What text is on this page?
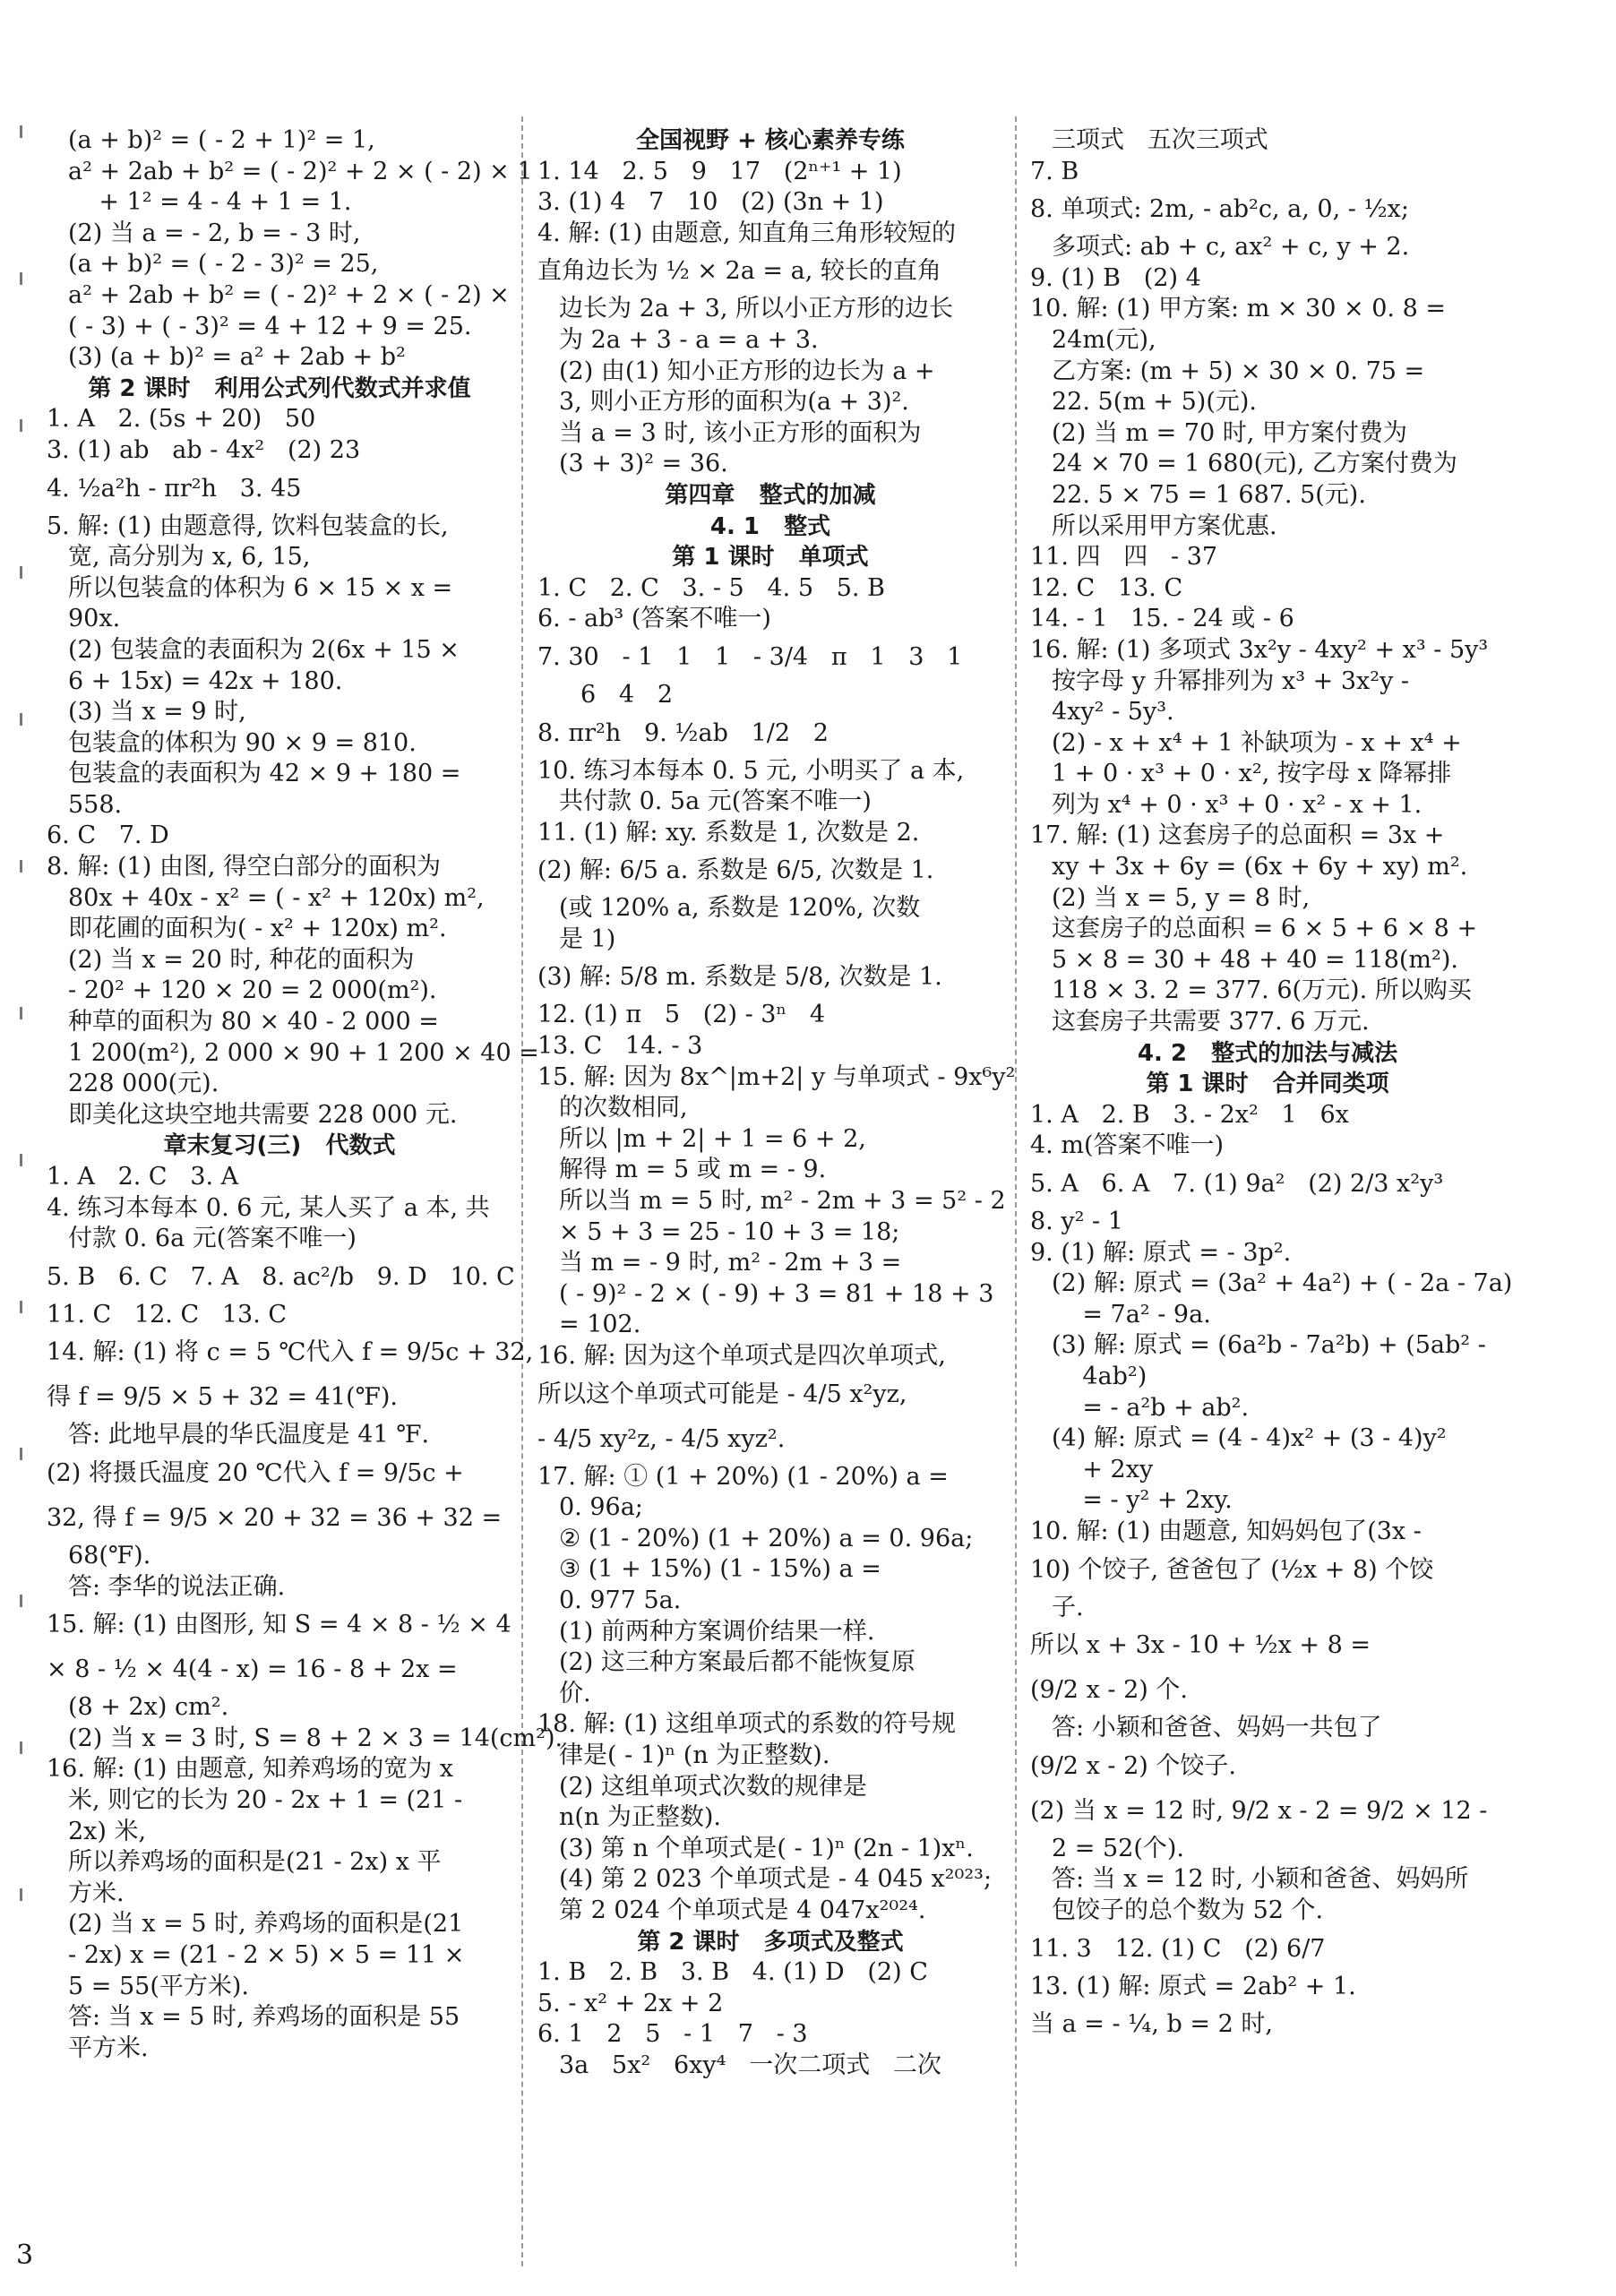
(a + b)² = ( - 2 + 1)² = 1,
a² + 2ab + b² = ( - 2)² + 2 × ( - 2) × 1
+ 1² = 4 - 4 + 1 = 1.
(2) 当 a = - 2, b = - 3 时,
(a + b)² = ( - 2 - 3)² = 25,
a² + 2ab + b² = ( - 2)² + 2 × ( - 2) ×
( - 3) + ( - 3)² = 4 + 12 + 9 = 25.
(3) (a + b)² = a² + 2ab + b²
第 2 课时   利用公式列代数式并求值
1. A   2. (5s + 20)   50
3. (1) ab   ab - 4x²   (2) 23
4. ½a²h - πr²h   3. 45
5. 解: (1) 由题意得, 饮料包装盒的长,
宽, 高分别为 x, 6, 15,
所以包装盒的体积为 6 × 15 × x =
90x.
(2) 包装盒的表面积为 2(6x + 15 ×
6 + 15x) = 42x + 180.
(3) 当 x = 9 时,
包装盒的体积为 90 × 9 = 810.
包装盒的表面积为 42 × 9 + 180 =
558.
6. C   7. D
8. 解: (1) 由图, 得空白部分的面积为
80x + 40x - x² = ( - x² + 120x) m²,
即花圃的面积为( - x² + 120x) m².
(2) 当 x = 20 时, 种花的面积为
- 20² + 120 × 20 = 2 000(m²).
种草的面积为 80 × 40 - 2 000 =
1 200(m²), 2 000 × 90 + 1 200 × 40 =
228 000(元).
即美化这块空地共需要 228 000 元.
章末复习(三)   代数式
1. A   2. C   3. A
4. 练习本每本 0. 6 元, 某人买了 a 本, 共
付款 0. 6a 元(答案不唯一)
5. B   6. C   7. A   8. ac²/b   9. D   10. C
11. C   12. C   13. C
14. 解: (1) 将 c = 5 ℃代入 f = 9/5c + 32,
得 f = 9/5 × 5 + 32 = 41(℉).
答: 此地早晨的华氏温度是 41 ℉.
(2) 将摄氏温度 20 ℃代入 f = 9/5c +
32, 得 f = 9/5 × 20 + 32 = 36 + 32 =
68(℉).
答: 李华的说法正确.
15. 解: (1) 由图形, 知 S = 4 × 8 - ½ × 4
× 8 - ½ × 4(4 - x) = 16 - 8 + 2x =
(8 + 2x) cm².
(2) 当 x = 3 时, S = 8 + 2 × 3 = 14(cm²).
16. 解: (1) 由题意, 知养鸡场的宽为 x
米, 则它的长为 20 - 2x + 1 = (21 -
2x) 米,
所以养鸡场的面积是(21 - 2x) x 平
方米.
(2) 当 x = 5 时, 养鸡场的面积是(21
- 2x) x = (21 - 2 × 5) × 5 = 11 ×
5 = 55(平方米).
答: 当 x = 5 时, 养鸡场的面积是 55
平方米.
全国视野 + 核心素养专练
1. 14   2. 5   9   17   (2ⁿ⁺¹ + 1)
3. (1) 4   7   10   (2) (3n + 1)
4. 解: (1) 由题意, 知直角三角形较短的
直角边长为 ½ × 2a = a, 较长的直角
边长为 2a + 3, 所以小正方形的边长
为 2a + 3 - a = a + 3.
(2) 由(1) 知小正方形的边长为 a +
3, 则小正方形的面积为(a + 3)².
当 a = 3 时, 该小正方形的面积为
(3 + 3)² = 36.
第四章   整式的加减
4. 1   整式
第 1 课时   单项式
1. C   2. C   3. - 5   4. 5   5. B
6. - ab³ (答案不唯一)
7. 30   - 1   1   1   - 3/4   π   1   3   1
6   4   2
8. πr²h   9. ½ab   1/2   2
10. 练习本每本 0. 5 元, 小明买了 a 本,
共付款 0. 5a 元(答案不唯一)
11. (1) 解: xy. 系数是 1, 次数是 2.
(2) 解: 6/5 a. 系数是 6/5, 次数是 1.
(或 120% a, 系数是 120%, 次数
是 1)
(3) 解: 5/8 m. 系数是 5/8, 次数是 1.
12. (1) π   5   (2) - 3ⁿ   4
13. C   14. - 3
15. 解: 因为 8x^|m+2| y 与单项式 - 9x⁶y²
的次数相同,
所以 |m + 2| + 1 = 6 + 2,
解得 m = 5 或 m = - 9.
所以当 m = 5 时, m² - 2m + 3 = 5² - 2
× 5 + 3 = 25 - 10 + 3 = 18;
当 m = - 9 时, m² - 2m + 3 =
( - 9)² - 2 × ( - 9) + 3 = 81 + 18 + 3
= 102.
16. 解: 因为这个单项式是四次单项式,
所以这个单项式可能是 - 4/5 x²yz,
- 4/5 xy²z, - 4/5 xyz².
17. 解: ① (1 + 20%) (1 - 20%) a =
0. 96a;
② (1 - 20%) (1 + 20%) a = 0. 96a;
③ (1 + 15%) (1 - 15%) a =
0. 977 5a.
(1) 前两种方案调价结果一样.
(2) 这三种方案最后都不能恢复原
价.
18. 解: (1) 这组单项式的系数的符号规
律是( - 1)ⁿ (n 为正整数).
(2) 这组单项式次数的规律是
n(n 为正整数).
(3) 第 n 个单项式是( - 1)ⁿ (2n - 1)xⁿ.
(4) 第 2 023 个单项式是 - 4 045 x²⁰²³;
第 2 024 个单项式是 4 047x²⁰²⁴.
第 2 课时   多项式及整式
1. B   2. B   3. B   4. (1) D   (2) C
5. - x² + 2x + 2
6. 1   2   5   - 1   7   - 3
3a   5x²   6xy⁴   一次二项式   二次
三项式   五次三项式
7. B
8. 单项式: 2m, - ab²c, a, 0, - ½x;
多项式: ab + c, ax² + c, y + 2.
9. (1) B   (2) 4
10. 解: (1) 甲方案: m × 30 × 0. 8 =
24m(元),
乙方案: (m + 5) × 30 × 0. 75 =
22. 5(m + 5)(元).
(2) 当 m = 70 时, 甲方案付费为
24 × 70 = 1 680(元), 乙方案付费为
22. 5 × 75 = 1 687. 5(元).
所以采用甲方案优惠.
11. 四   四   - 37
12. C   13. C
14. - 1   15. - 24 或 - 6
16. 解: (1) 多项式 3x²y - 4xy² + x³ - 5y³
按字母 y 升幂排列为 x³ + 3x²y -
4xy² - 5y³.
(2) - x + x⁴ + 1 补缺项为 - x + x⁴ +
1 + 0 · x³ + 0 · x², 按字母 x 降幂排
列为 x⁴ + 0 · x³ + 0 · x² - x + 1.
17. 解: (1) 这套房子的总面积 = 3x +
xy + 3x + 6y = (6x + 6y + xy) m².
(2) 当 x = 5, y = 8 时,
这套房子的总面积 = 6 × 5 + 6 × 8 +
5 × 8 = 30 + 48 + 40 = 118(m²).
118 × 3. 2 = 377. 6(万元). 所以购买
这套房子共需要 377. 6 万元.
4. 2   整式的加法与减法
第 1 课时   合并同类项
1. A   2. B   3. - 2x²   1   6x
4. m(答案不唯一)
5. A   6. A   7. (1) 9a²   (2) 2/3 x²y³
8. y² - 1
9. (1) 解: 原式 = - 3p².
(2) 解: 原式 = (3a² + 4a²) + ( - 2a - 7a)
= 7a² - 9a.
(3) 解: 原式 = (6a²b - 7a²b) + (5ab² -
4ab²)
= - a²b + ab².
(4) 解: 原式 = (4 - 4)x² + (3 - 4)y²
+ 2xy
= - y² + 2xy.
10. 解: (1) 由题意, 知妈妈包了(3x -
10) 个饺子, 爸爸包了 (½x + 8) 个饺
子.
所以 x + 3x - 10 + ½x + 8 =
(9/2 x - 2) 个.
答: 小颖和爸爸、妈妈一共包了
(9/2 x - 2) 个饺子.
(2) 当 x = 12 时, 9/2 x - 2 = 9/2 × 12 -
2 = 52(个).
答: 当 x = 12 时, 小颖和爸爸、妈妈所
包饺子的总个数为 52 个.
11. 3   12. (1) C   (2) 6/7
13. (1) 解: 原式 = 2ab² + 1.
当 a = - ¼, b = 2 时,
3
